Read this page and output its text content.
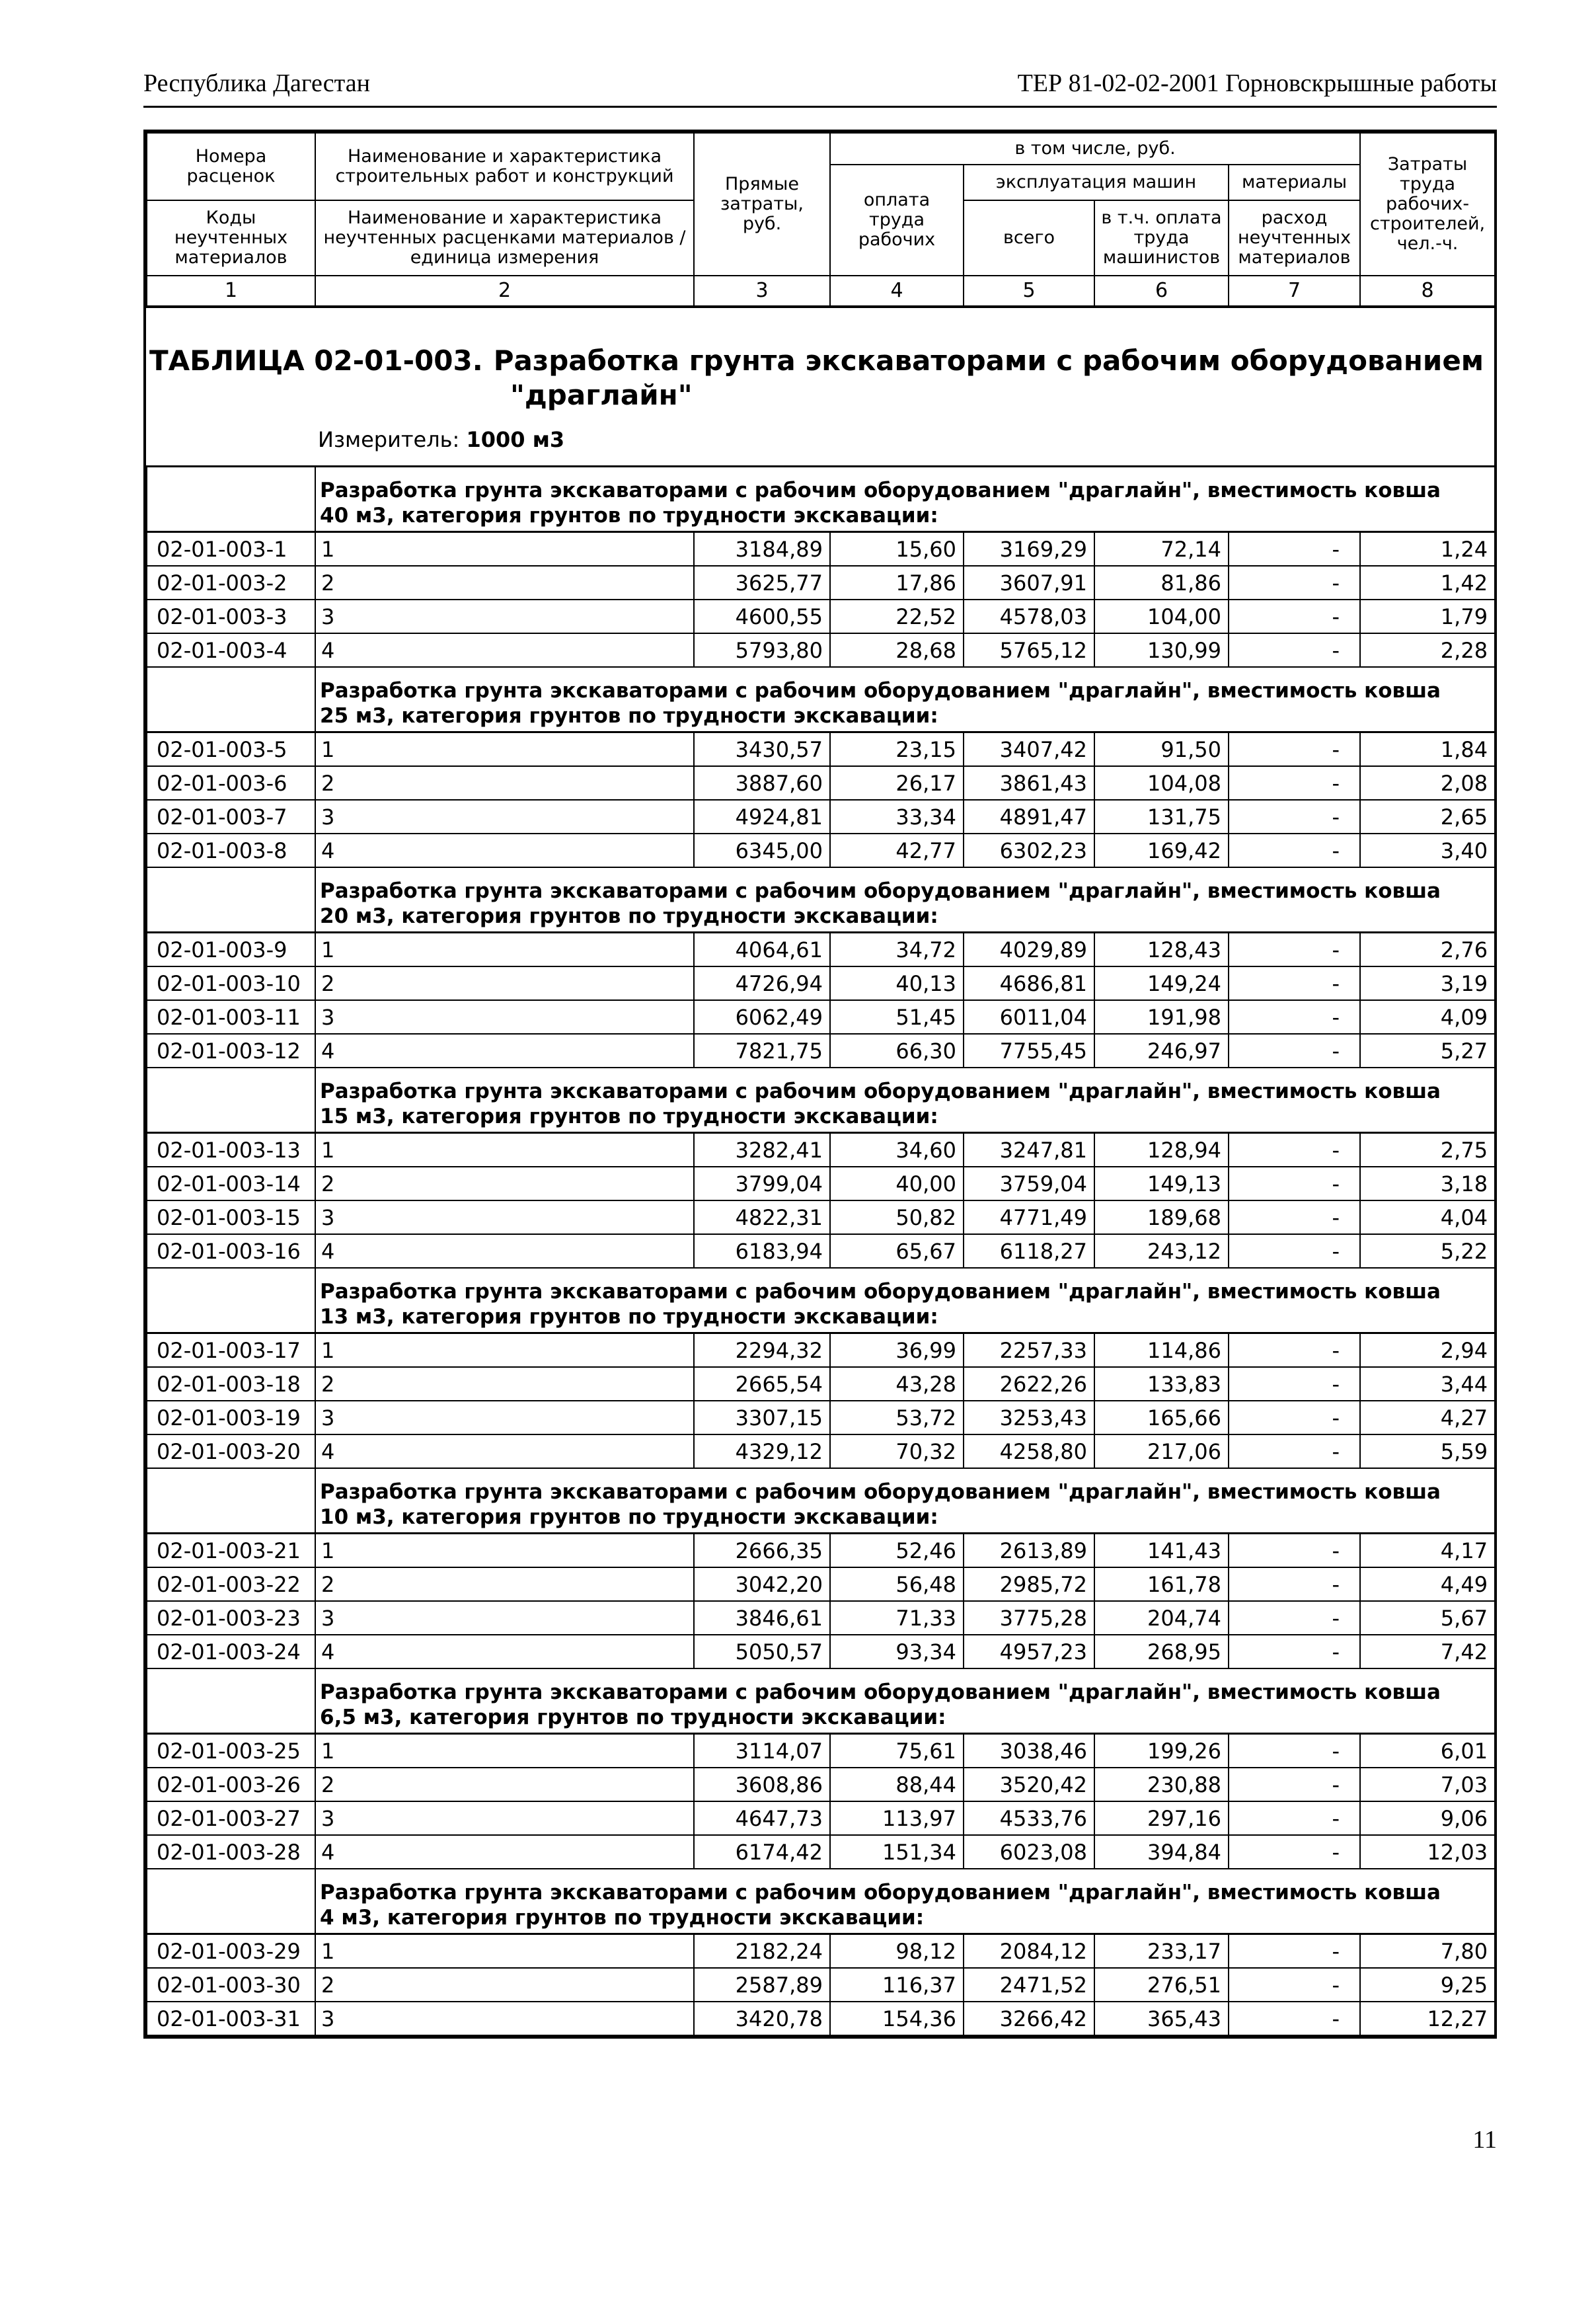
Республика Дагестан	ТЕР 81-02-02-2001 Горновскрышные работы
Номера расценок	Наименование и характеристика строительных работ и конструкций	Прямые затраты, руб.	в том числе, руб.				Затраты труда рабочих-строителей, чел.-ч.
			оплата труда рабочих	эксплуатация машин		материалы	
Коды неучтенных материалов	Наименование и характеристика неучтенных расценками материалов / единица измерения			всего	в т.ч. оплата труда машинистов	расход неучтенных материалов	
1	2	3	4	5	6	7	8
ТАБЛИЦА 02-01-003. Разработка грунта экскаваторами с рабочим оборудованием
"драглайн"
Измеритель: 1000 м3							

	Разработка грунта экскаваторами с рабочим оборудованием "драглайн", вместимость ковша
40 м3, категория грунтов по трудности экскавации:						
02-01-003-1	1	3184,89	15,60	3169,29	72,14	-	1,24
02-01-003-2	2	3625,77	17,86	3607,91	81,86	-	1,42
02-01-003-3	3	4600,55	22,52	4578,03	104,00	-	1,79
02-01-003-4	4	5793,80	28,68	5765,12	130,99	-	2,28
	Разработка грунта экскаваторами с рабочим оборудованием "драглайн", вместимость ковша
25 м3, категория грунтов по трудности экскавации:						
02-01-003-5	1	3430,57	23,15	3407,42	91,50	-	1,84
02-01-003-6	2	3887,60	26,17	3861,43	104,08	-	2,08
02-01-003-7	3	4924,81	33,34	4891,47	131,75	-	2,65
02-01-003-8	4	6345,00	42,77	6302,23	169,42	-	3,40
	Разработка грунта экскаваторами с рабочим оборудованием "драглайн", вместимость ковша
20 м3, категория грунтов по трудности экскавации:						
02-01-003-9	1	4064,61	34,72	4029,89	128,43	-	2,76
02-01-003-10	2	4726,94	40,13	4686,81	149,24	-	3,19
02-01-003-11	3	6062,49	51,45	6011,04	191,98	-	4,09
02-01-003-12	4	7821,75	66,30	7755,45	246,97	-	5,27
	Разработка грунта экскаваторами с рабочим оборудованием "драглайн", вместимость ковша
15 м3, категория грунтов по трудности экскавации:						
02-01-003-13	1	3282,41	34,60	3247,81	128,94	-	2,75
02-01-003-14	2	3799,04	40,00	3759,04	149,13	-	3,18
02-01-003-15	3	4822,31	50,82	4771,49	189,68	-	4,04
02-01-003-16	4	6183,94	65,67	6118,27	243,12	-	5,22
	Разработка грунта экскаваторами с рабочим оборудованием "драглайн", вместимость ковша
13 м3, категория грунтов по трудности экскавации:						
02-01-003-17	1	2294,32	36,99	2257,33	114,86	-	2,94
02-01-003-18	2	2665,54	43,28	2622,26	133,83	-	3,44
02-01-003-19	3	3307,15	53,72	3253,43	165,66	-	4,27
02-01-003-20	4	4329,12	70,32	4258,80	217,06	-	5,59
	Разработка грунта экскаваторами с рабочим оборудованием "драглайн", вместимость ковша
10 м3, категория грунтов по трудности экскавации:						
02-01-003-21	1	2666,35	52,46	2613,89	141,43	-	4,17
02-01-003-22	2	3042,20	56,48	2985,72	161,78	-	4,49
02-01-003-23	3	3846,61	71,33	3775,28	204,74	-	5,67
02-01-003-24	4	5050,57	93,34	4957,23	268,95	-	7,42
	Разработка грунта экскаваторами с рабочим оборудованием "драглайн", вместимость ковша
6,5 м3, категория грунтов по трудности экскавации:						
02-01-003-25	1	3114,07	75,61	3038,46	199,26	-	6,01
02-01-003-26	2	3608,86	88,44	3520,42	230,88	-	7,03
02-01-003-27	3	4647,73	113,97	4533,76	297,16	-	9,06
02-01-003-28	4	6174,42	151,34	6023,08	394,84	-	12,03
	Разработка грунта экскаваторами с рабочим оборудованием "драглайн", вместимость ковша
4 м3, категория грунтов по трудности экскавации:						
02-01-003-29	1	2182,24	98,12	2084,12	233,17	-	7,80
02-01-003-30	2	2587,89	116,37	2471,52	276,51	-	9,25
02-01-003-31	3	3420,78	154,36	3266,42	365,43	-	12,27
11
